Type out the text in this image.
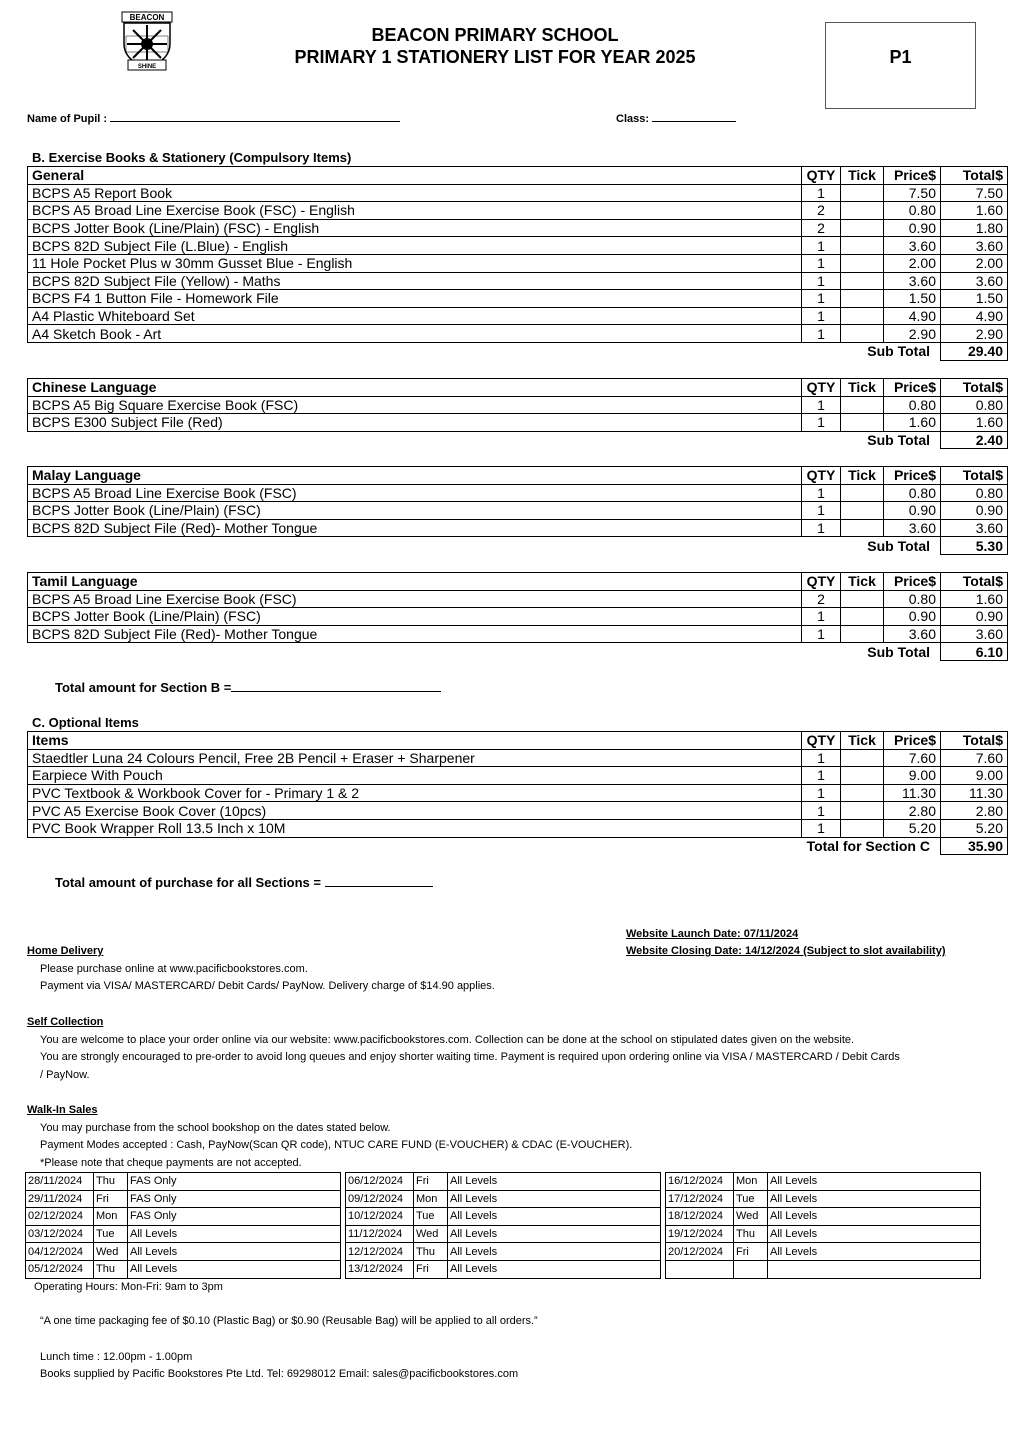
BEACON
SHINE
BEACON PRIMARY SCHOOL
PRIMARY 1 STATIONERY LIST FOR YEAR 2025	P1
Name of Pupil :	Class:
B. Exercise Books & Stationery (Compulsory Items)
Total amount for Section B =
C. Optional Items
Total amount of purchase for all Sections =
Website Launch Date: 07/11/2024
Website Closing Date: 14/12/2024 (Subject to slot availability)
Home Delivery
Please purchase online at www.pacificbookstores.com.
Payment via VISA/ MASTERCARD/ Debit Cards/ PayNow. Delivery charge of $14.90 applies.
Self Collection
You are welcome to place your order online via our website: www.pacificbookstores.com. Collection can be done at the school on stipulated dates given on the website.
You are strongly encouraged to pre-order to avoid long queues and enjoy shorter waiting time. Payment is required upon ordering online via VISA / MASTERCARD / Debit Cards
/ PayNow.
Walk-In Sales
You may purchase from the school bookshop on the dates stated below.
Payment Modes accepted : Cash, PayNow(Scan QR code), NTUC CARE FUND (E-VOUCHER) & CDAC (E-VOUCHER).
*Please note that cheque payments are not accepted.
Operating Hours: Mon-Fri: 9am to 3pm
“A one time packaging fee of $0.10 (Plastic Bag) or $0.90 (Reusable Bag) will be applied to all orders.”
Lunch time : 12.00pm - 1.00pm
Books supplied by Pacific Bookstores Pte Ltd. Tel: 69298012 Email: sales@pacificbookstores.com
General	QTY	Tick	Price$	Total$
BCPS A5 Report Book	1		7.50	7.50
BCPS A5 Broad Line Exercise Book (FSC) - English	2		0.80	1.60
BCPS Jotter Book (Line/Plain) (FSC) - English	2		0.90	1.80
BCPS 82D Subject File (L.Blue) - English	1		3.60	3.60
11 Hole Pocket Plus w 30mm Gusset Blue - English	1		2.00	2.00
BCPS 82D Subject File (Yellow) - Maths	1		3.60	3.60
BCPS F4 1 Button File - Homework File	1		1.50	1.50
A4 Plastic Whiteboard Set	1		4.90	4.90
A4 Sketch Book - Art	1		2.90	2.90
Sub Total				29.40
Chinese Language	QTY	Tick	Price$	Total$
BCPS A5 Big Square Exercise Book (FSC)	1		0.80	0.80
BCPS E300 Subject File (Red)	1		1.60	1.60
Sub Total				2.40
Malay Language	QTY	Tick	Price$	Total$
BCPS A5 Broad Line Exercise Book (FSC)	1		0.80	0.80
BCPS Jotter Book (Line/Plain) (FSC)	1		0.90	0.90
BCPS 82D Subject File (Red)- Mother Tongue	1		3.60	3.60
Sub Total				5.30
Tamil Language	QTY	Tick	Price$	Total$
BCPS A5 Broad Line Exercise Book (FSC)	2		0.80	1.60
BCPS Jotter Book (Line/Plain) (FSC)	1		0.90	0.90
BCPS 82D Subject File (Red)- Mother Tongue	1		3.60	3.60
Sub Total				6.10
Items	QTY	Tick	Price$	Total$
Staedtler Luna 24 Colours Pencil, Free 2B Pencil + Eraser + Sharpener	1		7.60	7.60
Earpiece With Pouch	1		9.00	9.00
PVC Textbook & Workbook Cover for - Primary 1 & 2	1		11.30	11.30
PVC A5 Exercise Book Cover (10pcs)	1		2.80	2.80
PVC Book Wrapper Roll 13.5 Inch x 10M	1		5.20	5.20
Total for Section C				35.90
28/11/2024	Thu	FAS Only
29/11/2024	Fri	FAS Only
02/12/2024	Mon	FAS Only
03/12/2024	Tue	All Levels
04/12/2024	Wed	All Levels
05/12/2024	Thu	All Levels
06/12/2024	Fri	All Levels
09/12/2024	Mon	All Levels
10/12/2024	Tue	All Levels
11/12/2024	Wed	All Levels
12/12/2024	Thu	All Levels
13/12/2024	Fri	All Levels
16/12/2024	Mon	All Levels
17/12/2024	Tue	All Levels
18/12/2024	Wed	All Levels
19/12/2024	Thu	All Levels
20/12/2024	Fri	All Levels
